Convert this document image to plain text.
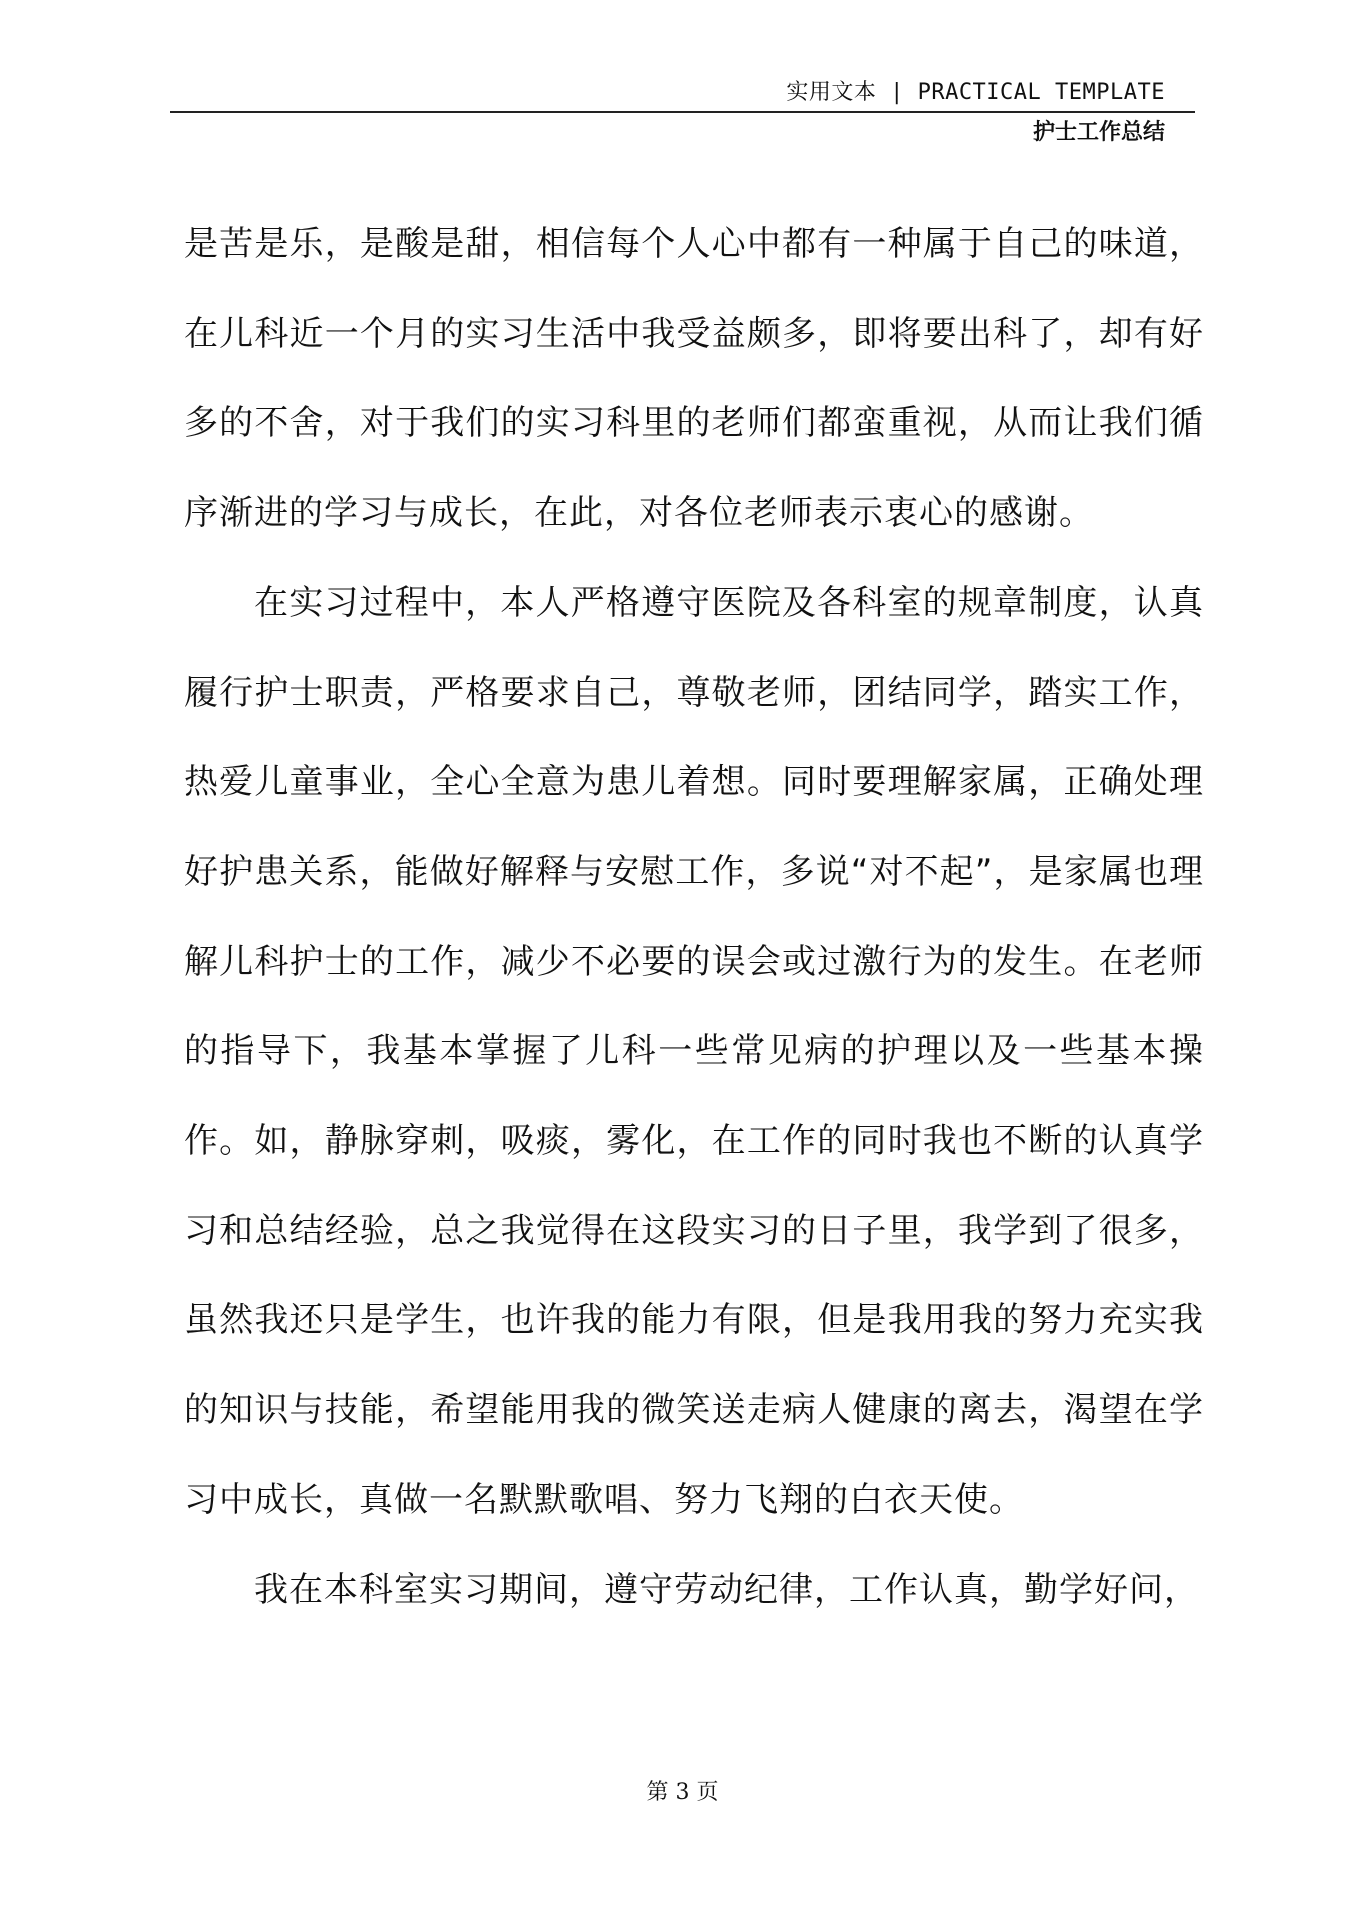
实用文本 | PRACTICAL TEMPLATE
护士工作总结

是苦是乐，是酸是甜，相信每个人心中都有一种属于自己的味道，在儿科近一个月的实习生活中我受益颇多，即将要出科了，却有好多的不舍，对于我们的实习科里的老师们都蛮重视，从而让我们循序渐进的学习与成长，在此，对各位老师表示衷心的感谢。

在实习过程中，本人严格遵守医院及各科室的规章制度，认真履行护士职责，严格要求自己，尊敬老师，团结同学，踏实工作，热爱儿童事业，全心全意为患儿着想。同时要理解家属，正确处理好护患关系，能做好解释与安慰工作，多说“对不起”，是家属也理解儿科护士的工作，减少不必要的误会或过激行为的发生。在老师的指导下，我基本掌握了儿科一些常见病的护理以及一些基本操作。如，静脉穿刺，吸痰，雾化，在工作的同时我也不断的认真学习和总结经验，总之我觉得在这段实习的日子里，我学到了很多，虽然我还只是学生，也许我的能力有限，但是我用我的努力充实我的知识与技能，希望能用我的微笑送走病人健康的离去，渴望在学习中成长，真做一名默默歌唱、努力飞翔的白衣天使。

我在本科室实习期间，遵守劳动纪律，工作认真，勤学好问，

第 3 页
